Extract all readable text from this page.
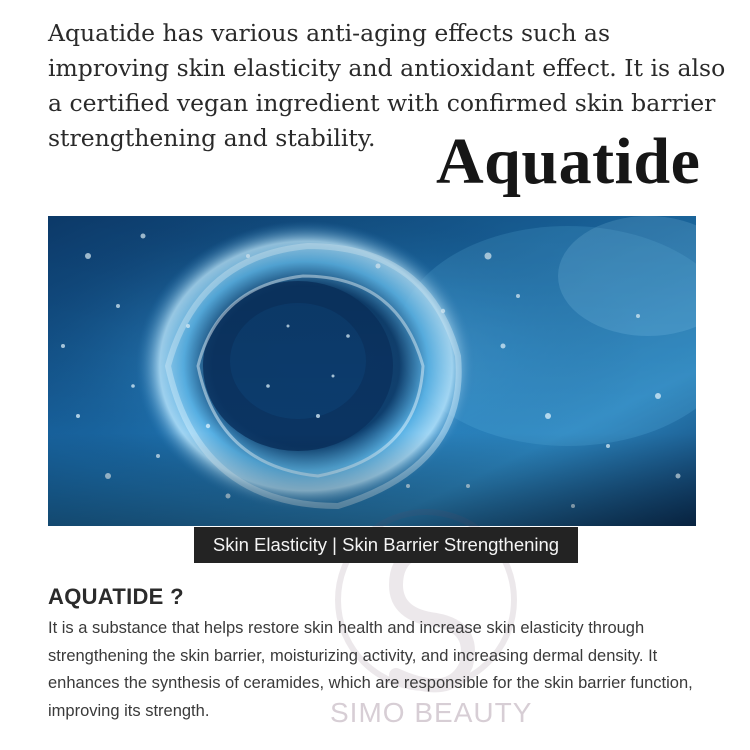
Aquatide has various anti-aging effects such as improving skin elasticity and antioxidant effect. It is also a certified vegan ingredient with confirmed skin barrier strengthening and stability. Aquatide
SIMO BEAUTY
Skin Elasticity | Skin Barrier Strengthening
AQUATIDE ?

It is a substance that helps restore skin health and increase skin elasticity through strengthening the skin barrier, moisturizing activity, and increasing dermal density. It enhances the synthesis of ceramides, which are responsible for the skin barrier function, improving its strength.
